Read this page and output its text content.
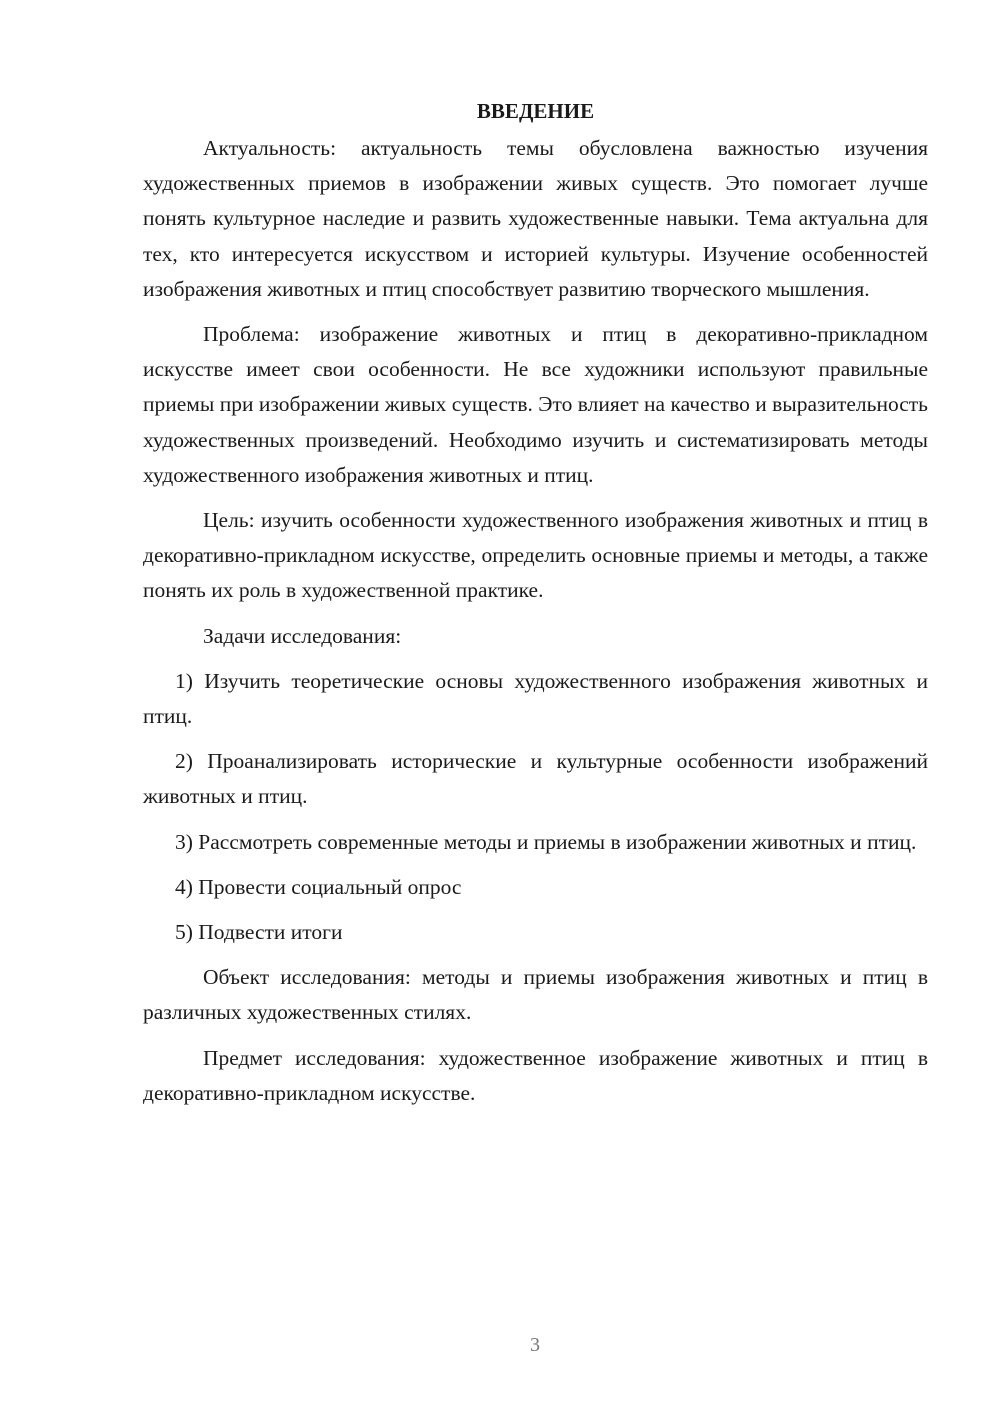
ВВЕДЕНИЕ

Актуальность: актуальность темы обусловлена важностью изучения художественных приемов в изображении живых существ. Это помогает лучше понять культурное наследие и развить художественные навыки. Тема актуальна для тех, кто интересуется искусством и историей культуры. Изучение особенностей изображения животных и птиц способствует развитию творческого мышления.

Проблема: изображение животных и птиц в декоративно-прикладном искусстве имеет свои особенности. Не все художники используют правильные приемы при изображении живых существ. Это влияет на качество и выразительность художественных произведений. Необходимо изучить и систематизировать методы художественного изображения животных и птиц.

Цель: изучить особенности художественного изображения животных и птиц в декоративно-прикладном искусстве, определить основные приемы и методы, а также понять их роль в художественной практике.

Задачи исследования:

1) Изучить теоретические основы художественного изображения животных и птиц.

2) Проанализировать исторические и культурные особенности изображений животных и птиц.

3) Рассмотреть современные методы и приемы в изображении животных и птиц.

4) Провести социальный опрос

5) Подвести итоги

Объект исследования: методы и приемы изображения животных и птиц в различных художественных стилях.

Предмет исследования: художественное изображение животных и птиц в декоративно-прикладном искусстве.

3
